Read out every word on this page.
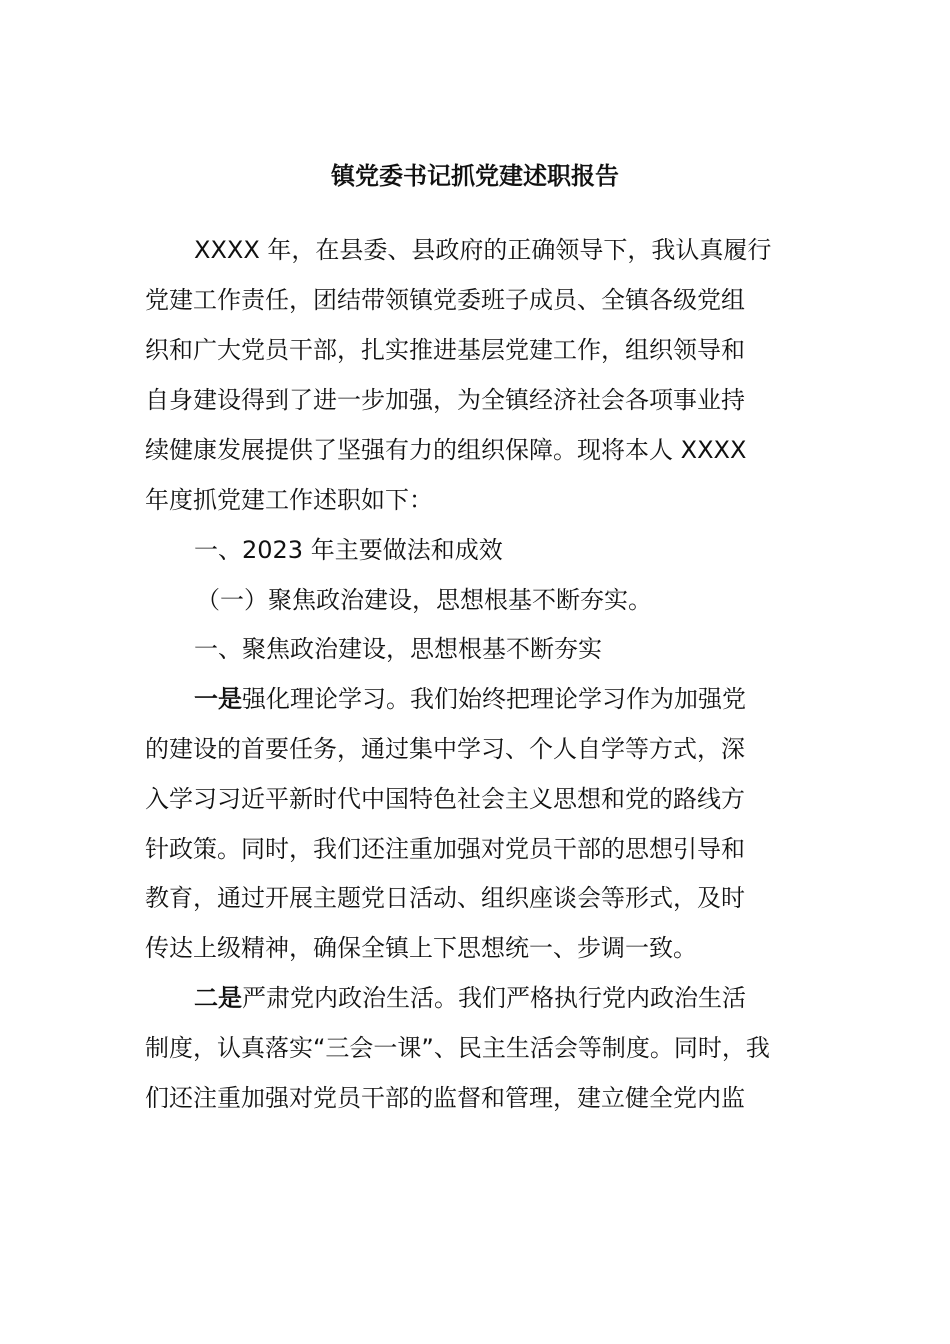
镇党委书记抓党建述职报告
XXXX 年，在县委、县政府的正确领导下，我认真履行
党建工作责任，团结带领镇党委班子成员、全镇各级党组
织和广大党员干部，扎实推进基层党建工作，组织领导和
自身建设得到了进一步加强，为全镇经济社会各项事业持
续健康发展提供了坚强有力的组织保障。现将本人 XXXX
年度抓党建工作述职如下：
一、2023 年主要做法和成效
（一）聚焦政治建设，思想根基不断夯实。
一、聚焦政治建设，思想根基不断夯实
一是强化理论学习。我们始终把理论学习作为加强党
的建设的首要任务，通过集中学习、个人自学等方式，深
入学习习近平新时代中国特色社会主义思想和党的路线方
针政策。同时，我们还注重加强对党员干部的思想引导和
教育，通过开展主题党日活动、组织座谈会等形式，及时
传达上级精神，确保全镇上下思想统一、步调一致。
二是严肃党内政治生活。我们严格执行党内政治生活
制度，认真落实“三会一课”、民主生活会等制度。同时，我
们还注重加强对党员干部的监督和管理，建立健全党内监
